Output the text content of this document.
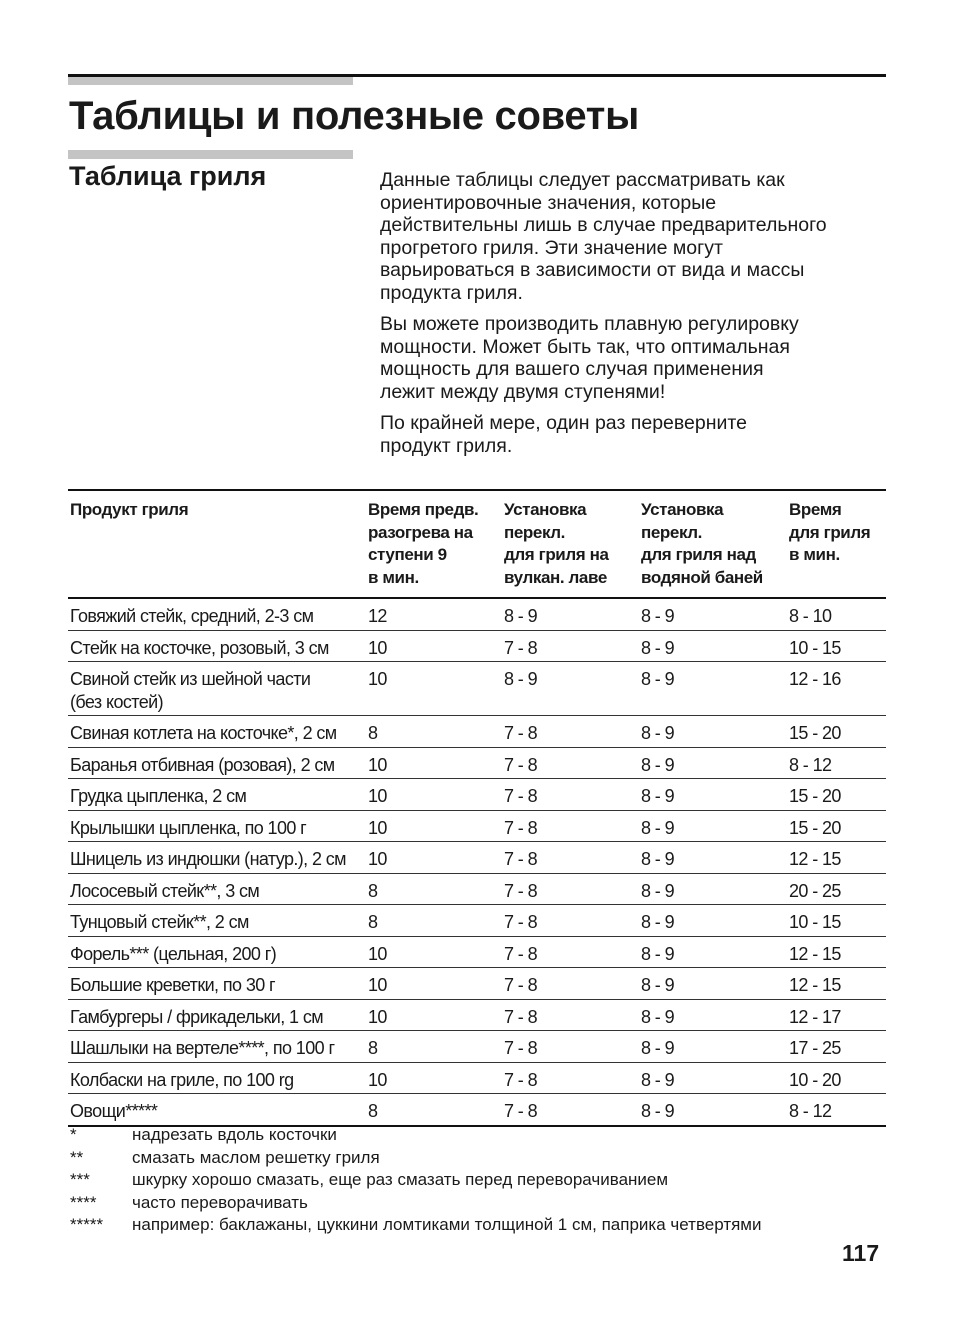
Таблицы и полезные советы
Таблица гриля	Данные таблицы следует рассматривать как
ориентировочные значения, которые
действительны лишь в случае предварительного
прогретого гриля. Эти значение могут
варьироваться в зависимости от вида и массы
продукта гриля.

Вы можете производить плавную регулировку
мощности. Может быть так, что оптимальная
мощность для вашего случая применения
лежит между двумя ступенями!

По крайней мере, один раз переверните
продукт гриля.

Продукт гриля	Время предв.
разогрева на
ступени 9
в мин.	Установка
перекл.
для гриля на
вулкан. лаве	Установка
перекл.
для гриля над
водяной баней	Время
для гриля
в мин.
Говяжий стейк, средний, 2-3 см	12	8 - 9	8 - 9	8 - 10
Стейк на косточке, розовый, 3 см	10	7 - 8	8 - 9	10 - 15
Свиной стейк из шейной части
(без костей)	10	8 - 9	8 - 9	12 - 16
Свиная котлета на косточке*, 2 см	8	7 - 8	8 - 9	15 - 20
Баранья отбивная (розовая), 2 см	10	7 - 8	8 - 9	8 - 12
Грудка цыпленка, 2 см	10	7 - 8	8 - 9	15 - 20
Крылышки цыпленка, по 100 г	10	7 - 8	8 - 9	15 - 20
Шницель из индюшки (натур.), 2 см	10	7 - 8	8 - 9	12 - 15
Лососевый стейк**, 3 см	8	7 - 8	8 - 9	20 - 25
Тунцовый стейк**, 2 см	8	7 - 8	8 - 9	10 - 15
Форель*** (цельная, 200 г)	10	7 - 8	8 - 9	12 - 15
Большие креветки, по 30 г	10	7 - 8	8 - 9	12 - 15
Гамбургеры / фрикадельки, 1 см	10	7 - 8	8 - 9	12 - 17
Шашлыки на вертеле****, по 100 г	8	7 - 8	8 - 9	17 - 25
Колбаски на гриле, по 100 rg	10	7 - 8	8 - 9	10 - 20
Овощи*****	8	7 - 8	8 - 9	8 - 12
*	надрезать вдоль косточки
**	смазать маслом решетку гриля
***	шкурку хорошо смазать, еще раз смазать перед переворачиванием
****	часто переворачивать
*****	например: баклажаны, цуккини ломтиками толщиной 1 см, паприка четвертями
117
